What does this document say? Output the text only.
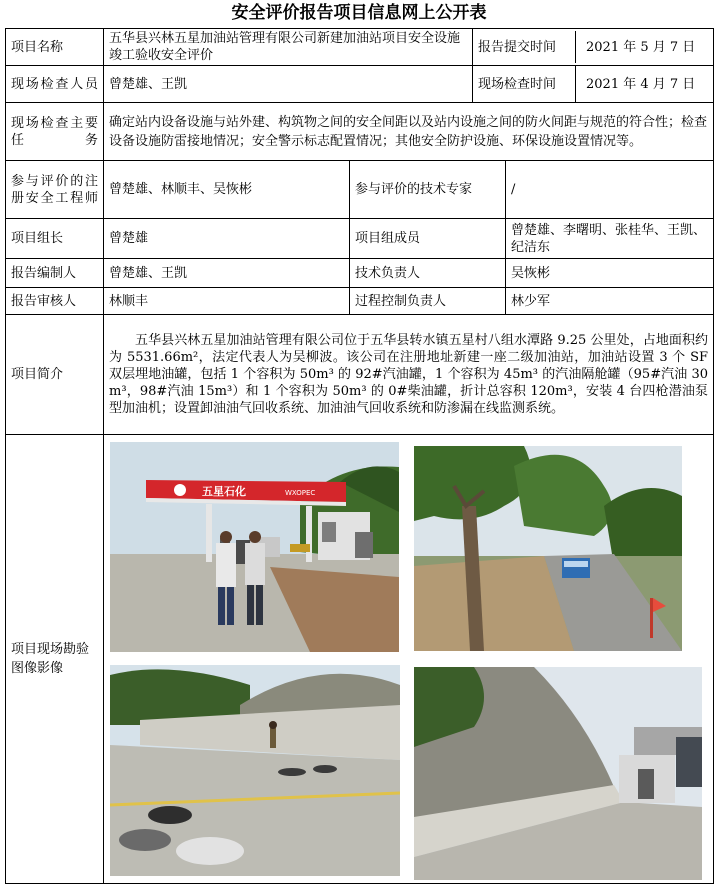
安全评价报告项目信息网上公开表
项目名称	五华县兴林五星加油站管理有限公司新建加油站项目安全设施竣工验收安全评价		报告提交时间 2021 年 5 月 7 日	

现场检查人员	曾楚雄、王凯		现场检查时间 2021 年 4 月 7 日	

现场检查主要任务	确定站内设备设施与站外建、构筑物之间的安全间距以及站内设施之间的防火间距与规范的符合性；检查设备设施防雷接地情况；安全警示标志配置情况；其他安全防护设施、环保设施设置情况等。			
参与评价的注册安全工程师	曾楚雄、林顺丰、吴恢彬	参与评价的技术专家		/
项目组长	曾楚雄	项目组成员		曾楚雄、李曙明、张桂华、王凯、纪洁东
报告编制人	曾楚雄、王凯	技术负责人		吴恢彬
报告审核人	林顺丰	过程控制负责人		林少军
项目简介	五华县兴林五星加油站管理有限公司位于五华县转水镇五星村八组水潭路 9.25 公里处，占地面积约为 5531.66m²，法定代表人为吴柳波。该公司在注册地址新建一座二级加油站，加油站设置 3 个 SF 双层埋地油罐，包括 1 个容积为 50m³ 的 92#汽油罐，1 个容积为 45m³ 的汽油隔舱罐（95#汽油 30m³，98#汽油 15m³）和 1 个容积为 50m³ 的 0#柴油罐，折计总容积 120m³，安装 4 台四枪潜油泵型加油机；设置卸油油气回收系统、加油油气回收系统和防渗漏在线监测系统。			
项目现场勘验图像影像	五星石化 WXOPEC			
